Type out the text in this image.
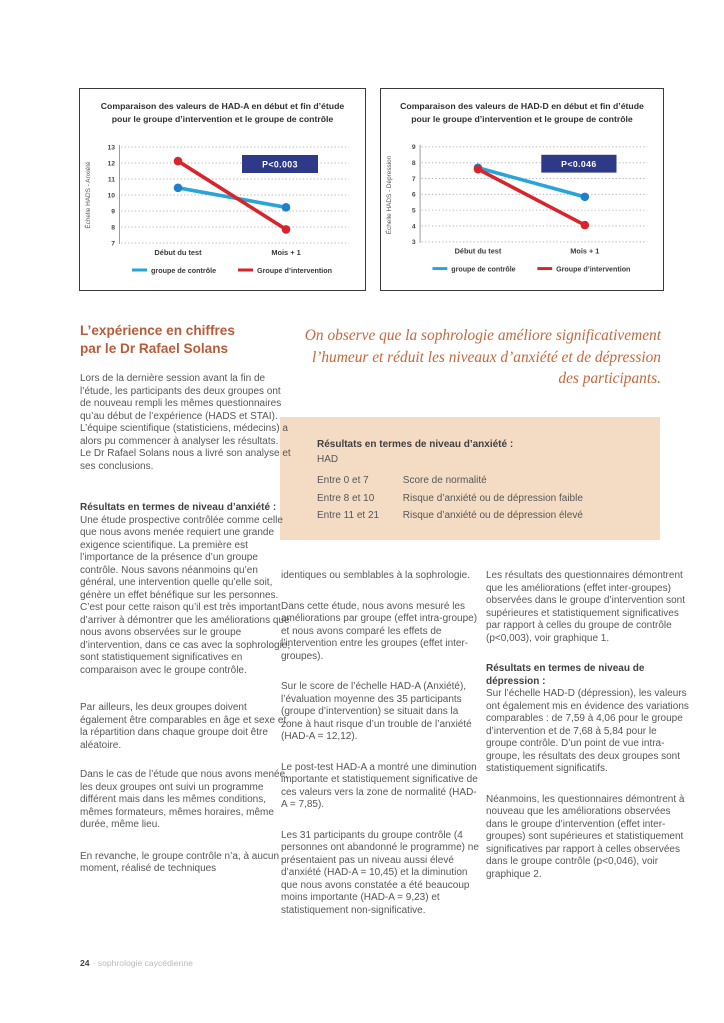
Comparaison des valeurs de HAD-A en début et fin d’étude pour le groupe d’intervention et le groupe de contrôle
Échelle HADS - Anxiété
13
12
11
10
9
8
7
P<0.003
Début du test	Mois + 1
groupe de contrôle	Groupe d’intervention
Comparaison des valeurs de HAD-D en début et fin d’étude pour le groupe d’intervention et le groupe de contrôle
Échelle HADS - Dépression
9
8
7
6
5
4
3
P<0.046
Début du test	Mois + 1
groupe de contrôle	Groupe d’intervention
L’expérience en chiffres
par le Dr Rafael Solans
On observe que la sophrologie améliore significativement l’humeur et réduit les niveaux d’anxiété et de dépression des participants.
Résultats en termes de niveau d’anxiété :
HAD
Entre 0 et 7	Score de normalité
Entre 8 et 10	Risque d’anxiété ou de dépression faible
Entre 11 et 21 Risque d’anxiété ou de dépression élevé

Lors de la dernière session avant la fin de l’étude, les participants des deux groupes ont de nouveau rempli les mêmes questionnaires qu’au début de l’expérience (HADS et STAI). L’équipe scientifique (statisticiens, médecins) a alors pu commencer à analyser les résultats. Le Dr Rafael Solans nous a livré son analyse et ses conclusions.

Résultats en termes de niveau d’anxiété :

Une étude prospective contrôlée comme celle que nous avons menée requiert une grande exigence scientifique. La première est l’importance de la présence d’un groupe contrôle. Nous savons néanmoins qu’en général, une intervention quelle qu’elle soit, génère un effet bénéfique sur les personnes. C’est pour cette raison qu’il est très important d’arriver à démontrer que les améliorations que nous avons observées sur le groupe d’intervention, dans ce cas avec la sophrologie, sont statistiquement significatives en comparaison avec le groupe contrôle.

Par ailleurs, les deux groupes doivent également être comparables en âge et sexe et la répartition dans chaque groupe doit être aléatoire.

Dans le cas de l’étude que nous avons menée, les deux groupes ont suivi un programme différent mais dans les mêmes conditions, mêmes formateurs, mêmes horaires, même durée, même lieu.

En revanche, le groupe contrôle n’a, à aucun moment, réalisé de techniques

identiques ou semblables à la sophrologie.

Dans cette étude, nous avons mesuré les améliorations par groupe (effet intra-groupe) et nous avons comparé les effets de l’intervention entre les groupes (effet inter-groupes).

Sur le score de l’échelle HAD-A (Anxiété), l’évaluation moyenne des 35 participants (groupe d’intervention) se situait dans la zone à haut risque d’un trouble de l’anxiété (HAD-A = 12,12).

Le post-test HAD-A a montré une diminution importante et statistiquement significative de ces valeurs vers la zone de normalité (HAD-A = 7,85).

Les 31 participants du groupe contrôle (4 personnes ont abandonné le programme) ne présentaient pas un niveau aussi élevé d’anxiété (HAD-A = 10,45) et la diminution que nous avons constatée a été beaucoup moins importante (HAD-A = 9,23) et statistiquement non-significative.

Les résultats des questionnaires démontrent que les améliorations (effet inter-groupes) observées dans le groupe d’intervention sont supérieures et statistiquement significatives par rapport à celles du groupe de contrôle (p<0,003), voir graphique 1.

Résultats en termes de niveau de dépression :

Sur l’échelle HAD-D (dépression), les valeurs ont également mis en évidence des variations comparables : de 7,59 à 4,06 pour le groupe d’intervention et de 7,68 à 5,84 pour le groupe contrôle. D’un point de vue intra-groupe, les résultats des deux groupes sont statistiquement significatifs.

Néanmoins, les questionnaires démontrent à nouveau que les améliorations observées dans le groupe d’intervention (effet inter-groupes) sont supérieures et statistiquement significatives par rapport à celles observées dans le groupe contrôle (p<0,046), voir graphique 2.

24 · sophrologie caycédienne
